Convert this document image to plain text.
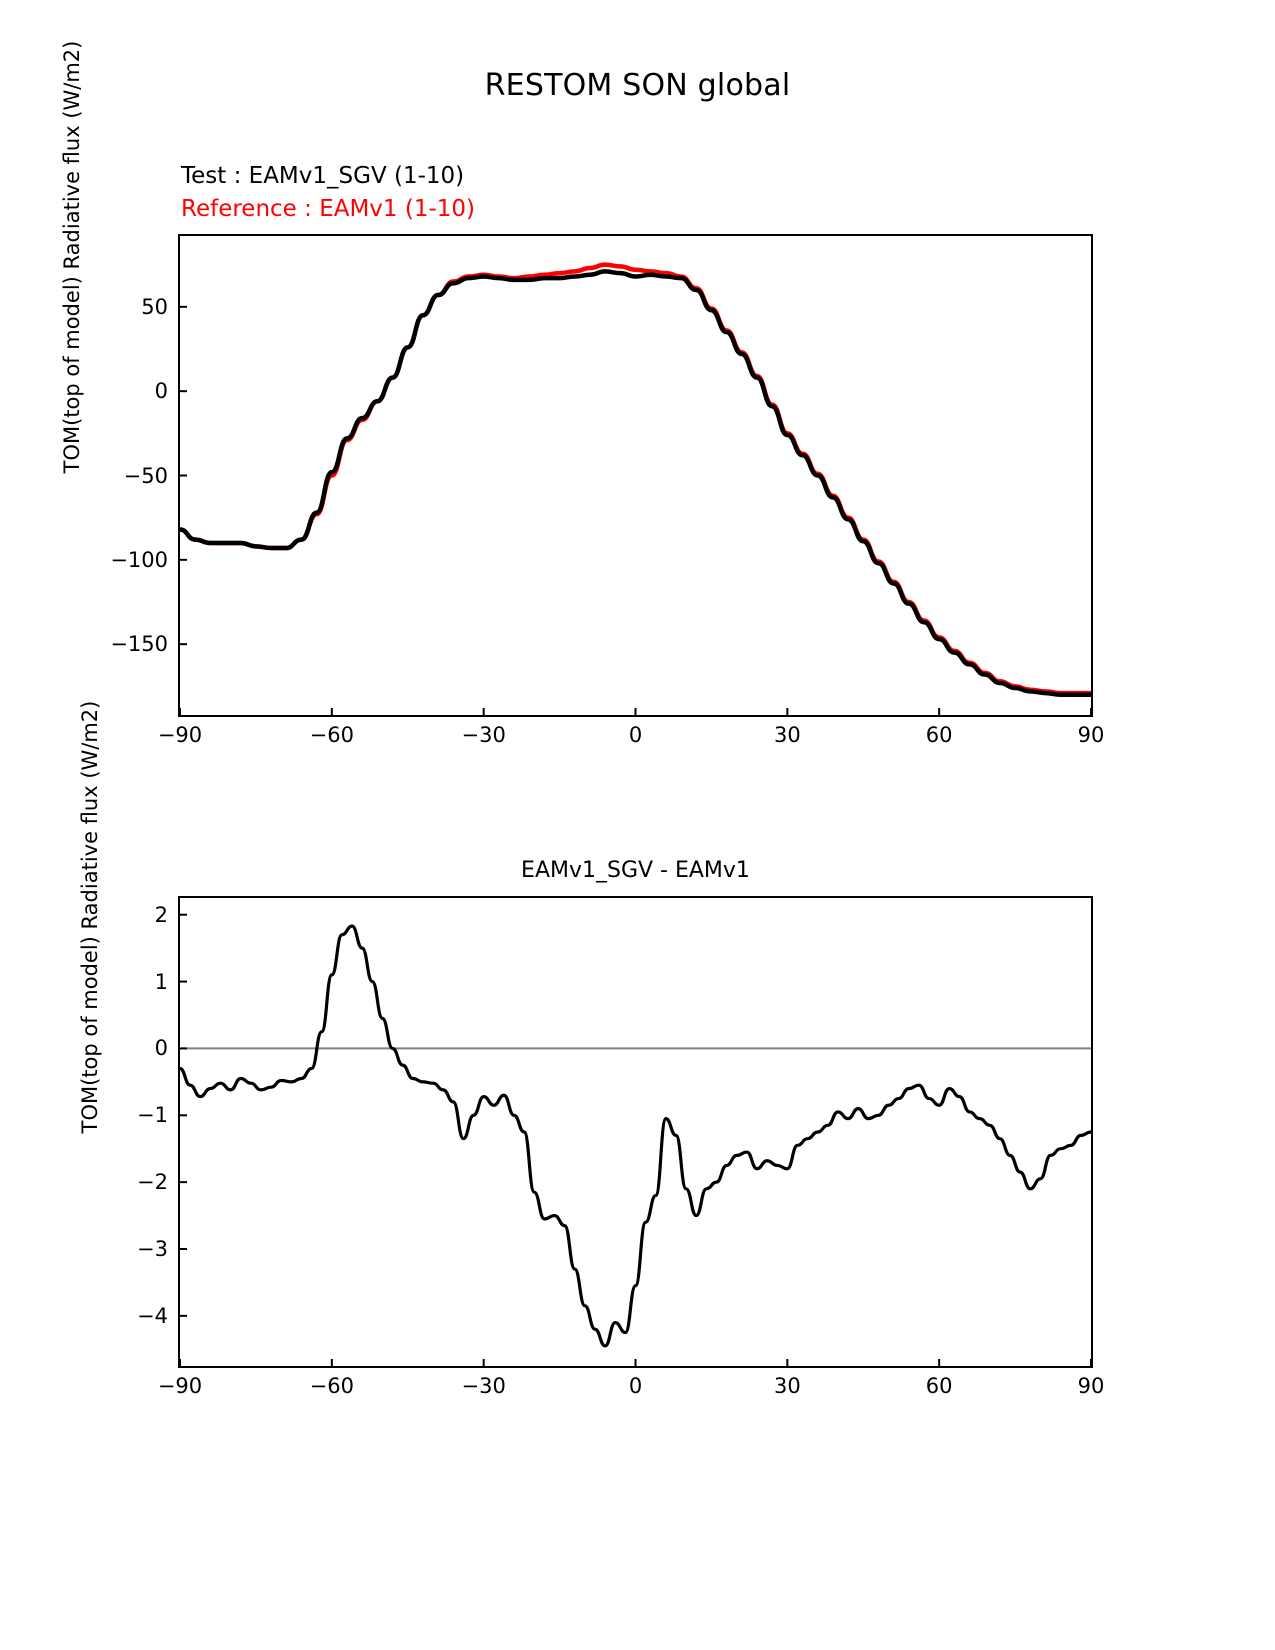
RESTOM SON global
Test : EAMv1_SGV (1-10)
Reference : EAMv1 (1-10)
TOM(top of model) Radiative flux (W/m2)
EAMv1_SGV - EAMv1
TOM(top of model) Radiative flux (W/m2)	−90	−60	−30	0	30	60	90
50
0
−50
−100
−150
−90	−60	−30	0	30	60	90
2
1
0
−1
−2
−3
−4
